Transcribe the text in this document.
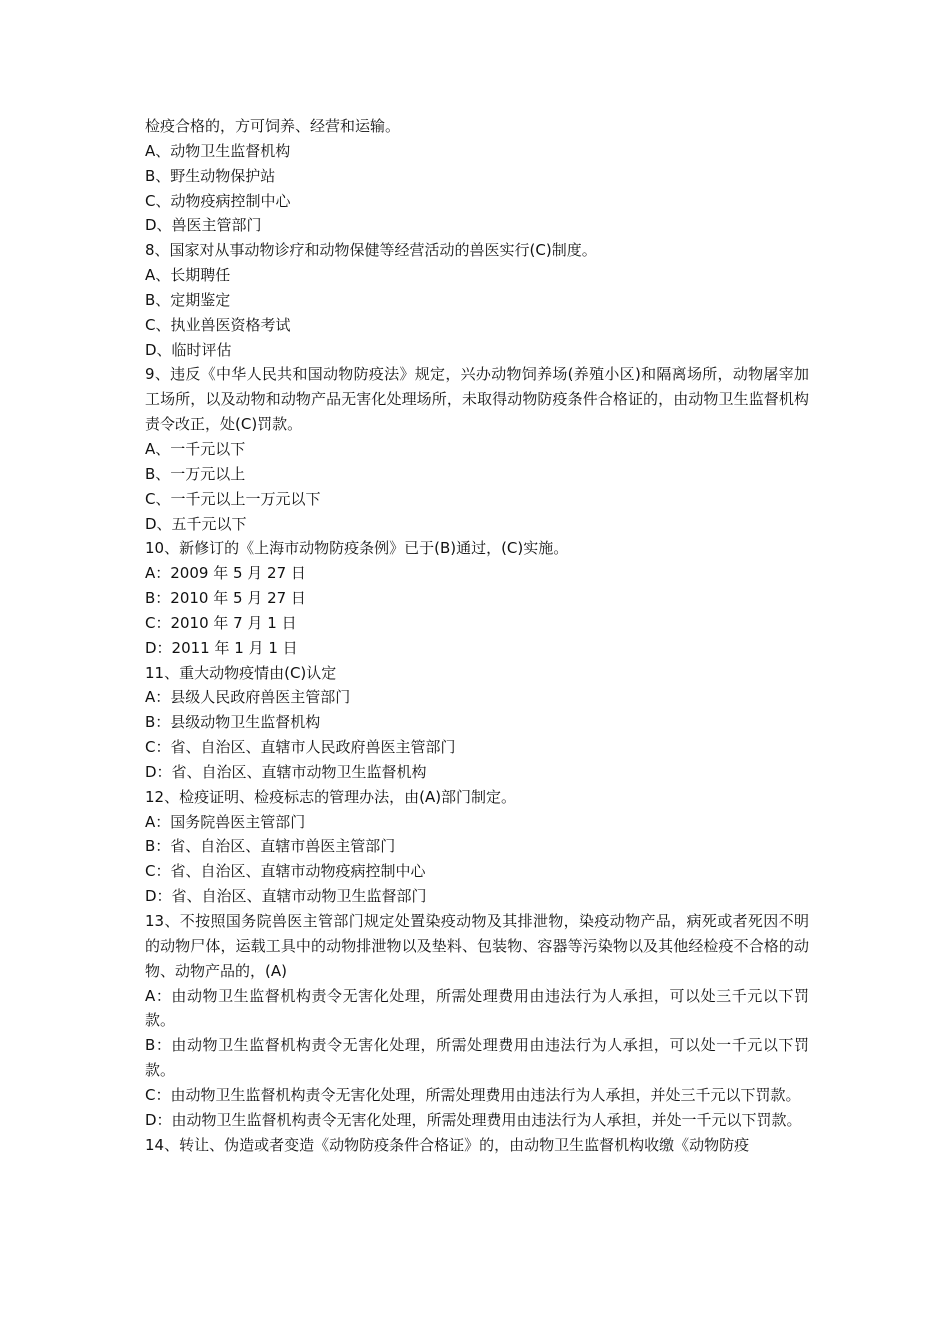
检疫合格的，方可饲养、经营和运输。

A、动物卫生监督机构

B、野生动物保护站

C、动物疫病控制中心

D、兽医主管部门

8、国家对从事动物诊疗和动物保健等经营活动的兽医实行(C)制度。

A、长期聘任

B、定期鉴定

C、执业兽医资格考试

D、临时评估

9、违反《中华人民共和国动物防疫法》规定，兴办动物饲养场(养殖小区)和隔离场所，动物屠宰加工场所，以及动物和动物产品无害化处理场所，未取得动物防疫条件合格证的，由动物卫生监督机构责令改正，处(C)罚款。

A、一千元以下

B、一万元以上

C、一千元以上一万元以下

D、五千元以下

10、新修订的《上海市动物防疫条例》已于(B)通过，(C)实施。

A：2009 年 5 月 27 日

B：2010 年 5 月 27 日

C：2010 年 7 月 1 日

D：2011 年 1 月 1 日

11、重大动物疫情由(C)认定

A：县级人民政府兽医主管部门

B：县级动物卫生监督机构

C：省、自治区、直辖市人民政府兽医主管部门

D：省、自治区、直辖市动物卫生监督机构

12、检疫证明、检疫标志的管理办法，由(A)部门制定。

A：国务院兽医主管部门

B：省、自治区、直辖市兽医主管部门

C：省、自治区、直辖市动物疫病控制中心

D：省、自治区、直辖市动物卫生监督部门

13、不按照国务院兽医主管部门规定处置染疫动物及其排泄物，染疫动物产品，病死或者死因不明的动物尸体，运载工具中的动物排泄物以及垫料、包装物、容器等污染物以及其他经检疫不合格的动物、动物产品的，(A)

A：由动物卫生监督机构责令无害化处理，所需处理费用由违法行为人承担，可以处三千元以下罚款。

B：由动物卫生监督机构责令无害化处理，所需处理费用由违法行为人承担，可以处一千元以下罚款。

C：由动物卫生监督机构责令无害化处理，所需处理费用由违法行为人承担，并处三千元以下罚款。

D：由动物卫生监督机构责令无害化处理，所需处理费用由违法行为人承担，并处一千元以下罚款。

14、转让、伪造或者变造《动物防疫条件合格证》的，由动物卫生监督机构收缴《动物防疫
